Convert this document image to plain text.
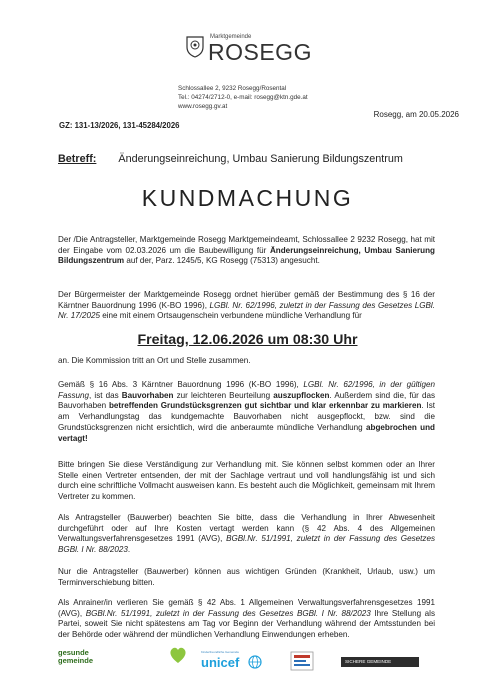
Marktgemeinde
ROSEGG
Schlossallee 2, 9232 Rosegg/Rosental
Tel.: 04274/2712-0, e-mail: rosegg@ktn.gde.at
www.rosegg.gv.at
Rosegg, am 20.05.2026
GZ: 131-13/2026, 131-45284/2026
Betreff: Änderungseinreichung, Umbau Sanierung Bildungszentrum
KUNDMACHUNG
Der /Die Antragsteller, Marktgemeinde Rosegg Marktgemeindeamt, Schlossallee 2 9232 Rosegg, hat mit der Eingabe vom 02.03.2026 um die Baubewilligung für Änderungseinreichung, Umbau Sanierung Bildungszentrum auf der, Parz. 1245/5, KG Rosegg (75313) angesucht.
Der Bürgermeister der Marktgemeinde Rosegg ordnet hierüber gemäß der Bestimmung des § 16 der Kärntner Bauordnung 1996 (K-BO 1996), LGBl. Nr. 62/1996, zuletzt in der Fassung des Gesetzes LGBl. Nr. 17/2025 eine mit einem Ortsaugenschein verbundene mündliche Verhandlung für
Freitag, 12.06.2026 um 08:30 Uhr
an. Die Kommission tritt an Ort und Stelle zusammen.
Gemäß § 16 Abs. 3 Kärntner Bauordnung 1996 (K-BO 1996), LGBl. Nr. 62/1996, in der gültigen Fassung, ist das Bauvorhaben zur leichteren Beurteilung auszupflocken. Außerdem sind die, für das Bauvorhaben betreffenden Grundstücksgrenzen gut sichtbar und klar erkennbar zu markieren. Ist am Verhandlungstag das kundgemachte Bauvorhaben nicht ausgepflockt, bzw. sind die Grundstücksgrenzen nicht ersichtlich, wird die anberaumte mündliche Verhandlung abgebrochen und vertagt!
Bitte bringen Sie diese Verständigung zur Verhandlung mit. Sie können selbst kommen oder an Ihrer Stelle einen Vertreter entsenden, der mit der Sachlage vertraut und voll handlungsfähig ist und sich durch eine schriftliche Vollmacht ausweisen kann. Es besteht auch die Möglichkeit, gemeinsam mit Ihrem Vertreter zu kommen.
Als Antragsteller (Bauwerber) beachten Sie bitte, dass die Verhandlung in Ihrer Abwesenheit durchgeführt oder auf Ihre Kosten vertagt werden kann (§ 42 Abs. 4 des Allgemeinen Verwaltungsverfahrensgesetzes 1991 (AVG), BGBl.Nr. 51/1991, zuletzt in der Fassung des Gesetzes BGBl. I Nr. 88/2023.
Nur die Antragsteller (Bauwerber) können aus wichtigen Gründen (Krankheit, Urlaub, usw.) um Terminverschiebung bitten.
Als Anrainer/in verlieren Sie gemäß § 42 Abs. 1 Allgemeinen Verwaltungsverfahrensgesetzes 1991 (AVG), BGBl.Nr. 51/1991, zuletzt in der Fassung des Gesetzes BGBl. I Nr. 88/2023 Ihre Stellung als Partei, soweit Sie nicht spätestens am Tag vor Beginn der Verhandlung während der Amtsstunden bei der Behörde oder während der mündlichen Verhandlung Einwendungen erheben.
gesunde
gemeinde
Kinderfreundliche Gemeinde
unicef	SICHERE GEMEINDE
